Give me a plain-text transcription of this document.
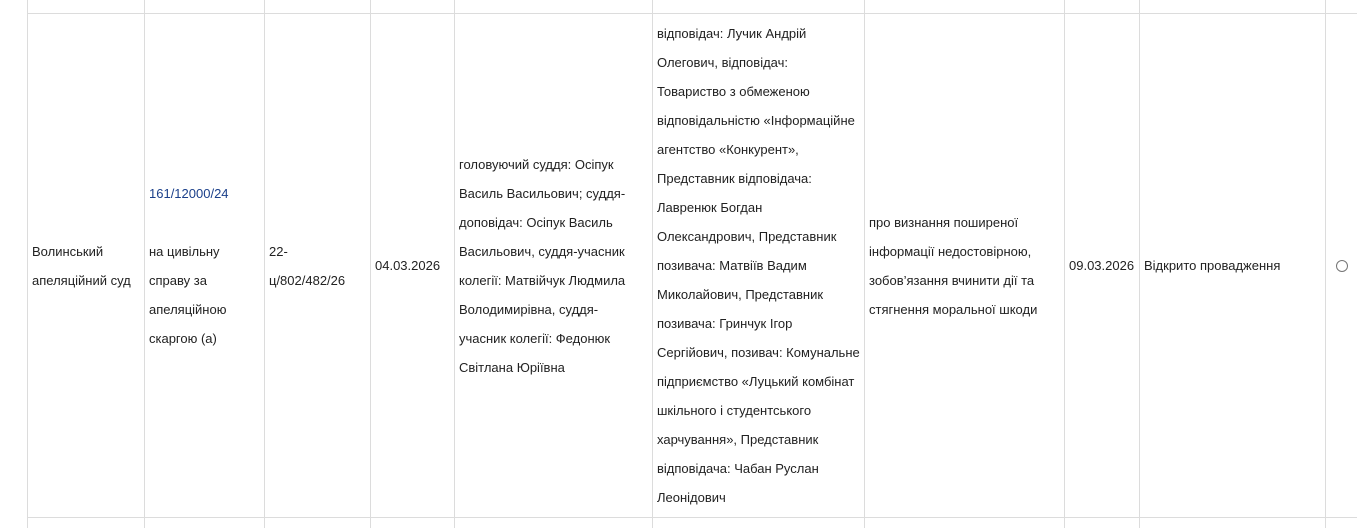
Волинський апеляційний суд
161/12000/24
на цивільну справу за апеляційною скаргою (а)
22-ц/802/482/26
04.03.2026
головуючий суддя: Осіпук Василь Васильович; суддя-доповідач: Осіпук Василь Васильович, суддя-учасник колегії: Матвійчук Людмила Володимирівна, суддя-учасник колегії: Федонюк Світлана Юріївна
відповідач: Лучик Андрій Олегович, відповідач: Товариство з обмеженою відповідальністю «Інформаційне агентство «Конкурент», Представник відповідача: Лавренюк Богдан Олександрович, Представник позивача: Матвіїв Вадим Миколайович, Представник позивача: Гринчук Ігор Сергійович, позивач: Комунальне підприємство «Луцький комбінат шкільного і студентського харчування», Представник відповідача: Чабан Руслан Леонідович
про визнання поширеної інформації недостовірною, зобов’язання вчинити дії та стягнення моральної шкоди
09.03.2026 Відкрито провадження
